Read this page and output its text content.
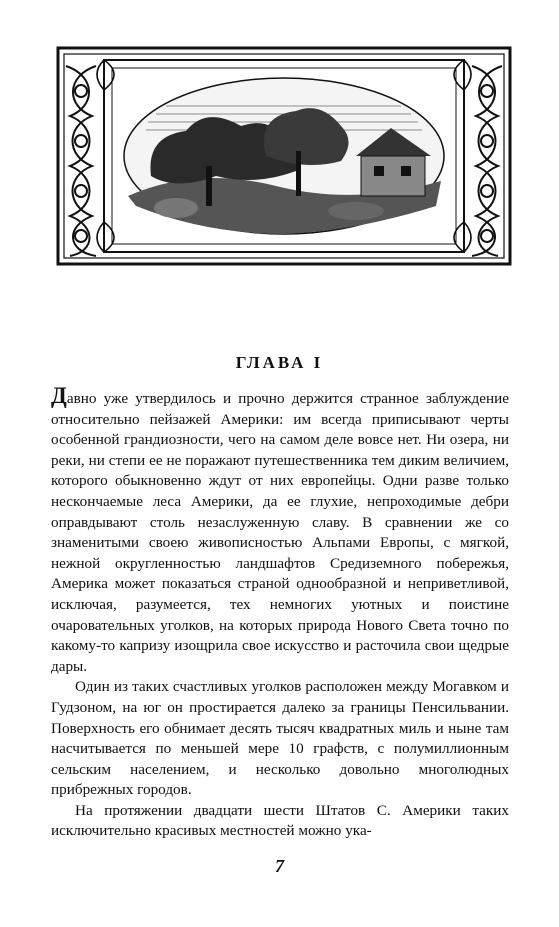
ГЛАВА I

Давно уже утвердилось и прочно держится странное заблуждение относительно пейзажей Америки: им всегда приписывают черты особенной грандиозности, чего на самом деле вовсе нет. Ни озера, ни реки, ни степи ее не поражают путешественника тем диким величием, которого обыкновенно ждут от них европейцы. Одни разве только нескончаемые леса Америки, да ее глухие, непроходимые дебри оправдывают столь незаслуженную славу. В сравнении же со знаменитыми своею живописностью Альпами Европы, с мягкой, нежной округленностью ландшафтов Средиземного побережья, Америка может показаться страной однообразной и неприветливой, исключая, разумеется, тех немногих уютных и поистине очаровательных уголков, на которых природа Нового Света точно по какому-то капризу изощрила свое искусство и расточила свои щедрые дары.

Один из таких счастливых уголков расположен между Могавком и Гудзоном, на юг он простирается далеко за границы Пенсильвании. Поверхность его обнимает десять тысяч квадратных миль и ныне там насчитывается по меньшей мере 10 графств, с полумиллионным сельским населением, и несколько довольно многолюдных прибрежных городов.

На протяжении двадцати шести Штатов С. Америки таких исключительно красивых местностей можно ука-

7
